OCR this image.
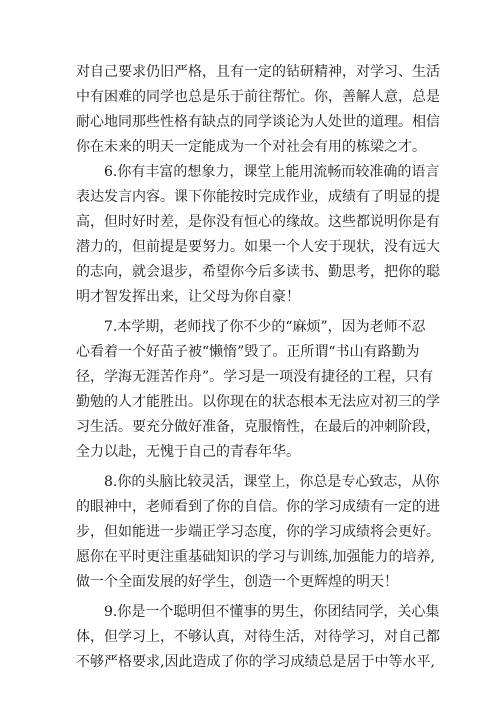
对自己要求仍旧严格，且有一定的钻研精神，对学习、生活
中有困难的同学也总是乐于前往帮忙。你，善解人意，总是
耐心地同那些性格有缺点的同学谈论为人处世的道理。相信
你在未来的明天一定能成为一个对社会有用的栋梁之才。
6.你有丰富的想象力，课堂上能用流畅而较准确的语言
表达发言内容。课下你能按时完成作业，成绩有了明显的提
高，但时好时差，是你没有恒心的缘故。这些都说明你是有
潜力的，但前提是要努力。如果一个人安于现状，没有远大
的志向，就会退步，希望你今后多读书、勤思考，把你的聪
明才智发挥出来，让父母为你自豪！
7.本学期，老师找了你不少的“麻烦”，因为老师不忍
心看着一个好苗子被“懒惰”毁了。正所谓“书山有路勤为
径，学海无涯苦作舟”。学习是一项没有捷径的工程，只有
勤勉的人才能胜出。以你现在的状态根本无法应对初三的学
习生活。要充分做好准备，克服惰性，在最后的冲刺阶段，
全力以赴，无愧于自己的青春年华。
8.你的头脑比较灵活，课堂上，你总是专心致志，从你
的眼神中，老师看到了你的自信。你的学习成绩有一定的进
步，但如能进一步端正学习态度，你的学习成绩将会更好。
愿你在平时更注重基础知识的学习与训练,加强能力的培养,
做一个全面发展的好学生，创造一个更辉煌的明天！
9.你是一个聪明但不懂事的男生，你团结同学，关心集
体，但学习上，不够认真，对待生活，对待学习，对自己都
不够严格要求,因此造成了你的学习成绩总是居于中等水平,
